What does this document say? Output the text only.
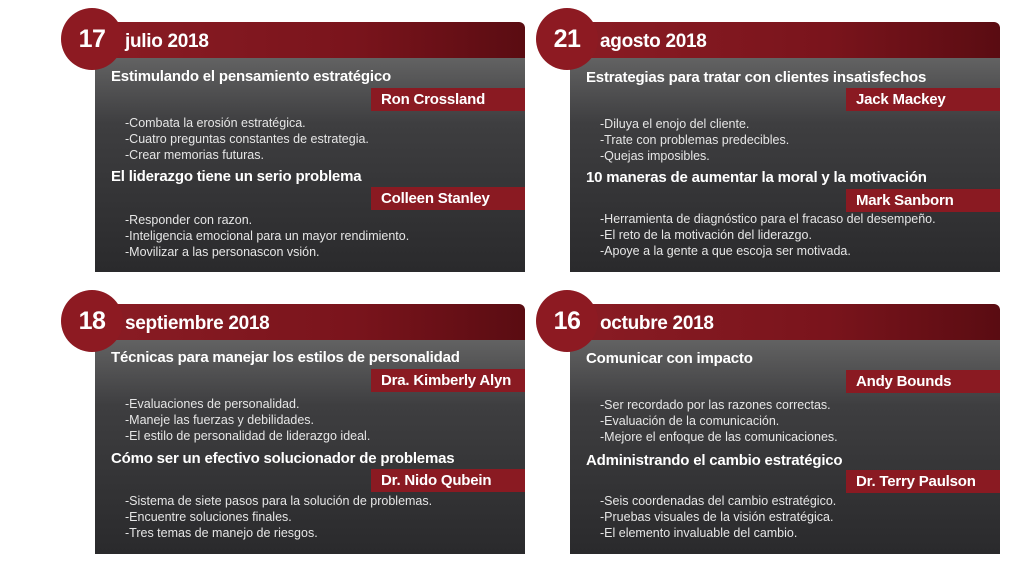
17	julio 2018
Estimulando el pensamiento estratégico
Ron Crossland
-Combata la erosión estratégica.
-Cuatro preguntas constantes de estrategia.
-Crear memorias futuras.
El liderazgo tiene un serio problema
Colleen Stanley
-Responder con razon.
-Inteligencia emocional para un mayor rendimiento.
-Movilizar a las personascon vsión.
21	agosto 2018
Estrategias para tratar con clientes insatisfechos
Jack Mackey
-Diluya el enojo del cliente.
-Trate con problemas predecibles.
-Quejas imposibles.
10 maneras de aumentar la moral y la motivación
Mark Sanborn
-Herramienta de diagnóstico para el fracaso del desempeño.
-El reto de la motivación del liderazgo.
-Apoye a la gente a que escoja ser motivada.
18	septiembre 2018
Técnicas para manejar los estilos de personalidad
Dra. Kimberly Alyn
-Evaluaciones de personalidad.
-Maneje las fuerzas y debilidades.
-El estilo de personalidad de liderazgo ideal.
Cómo ser un efectivo solucionador de problemas
Dr. Nido Qubein
-Sistema de siete pasos para la solución de problemas.
-Encuentre soluciones finales.
-Tres temas de manejo de riesgos.
16	octubre 2018
Comunicar con impacto
Andy Bounds
-Ser recordado por las razones correctas.
-Evaluación de la comunicación.
-Mejore el enfoque de las comunicaciones.
Administrando el cambio estratégico
Dr. Terry Paulson
-Seis coordenadas del cambio estratégico.
-Pruebas visuales de la visión estratégica.
-El elemento invaluable del cambio.
